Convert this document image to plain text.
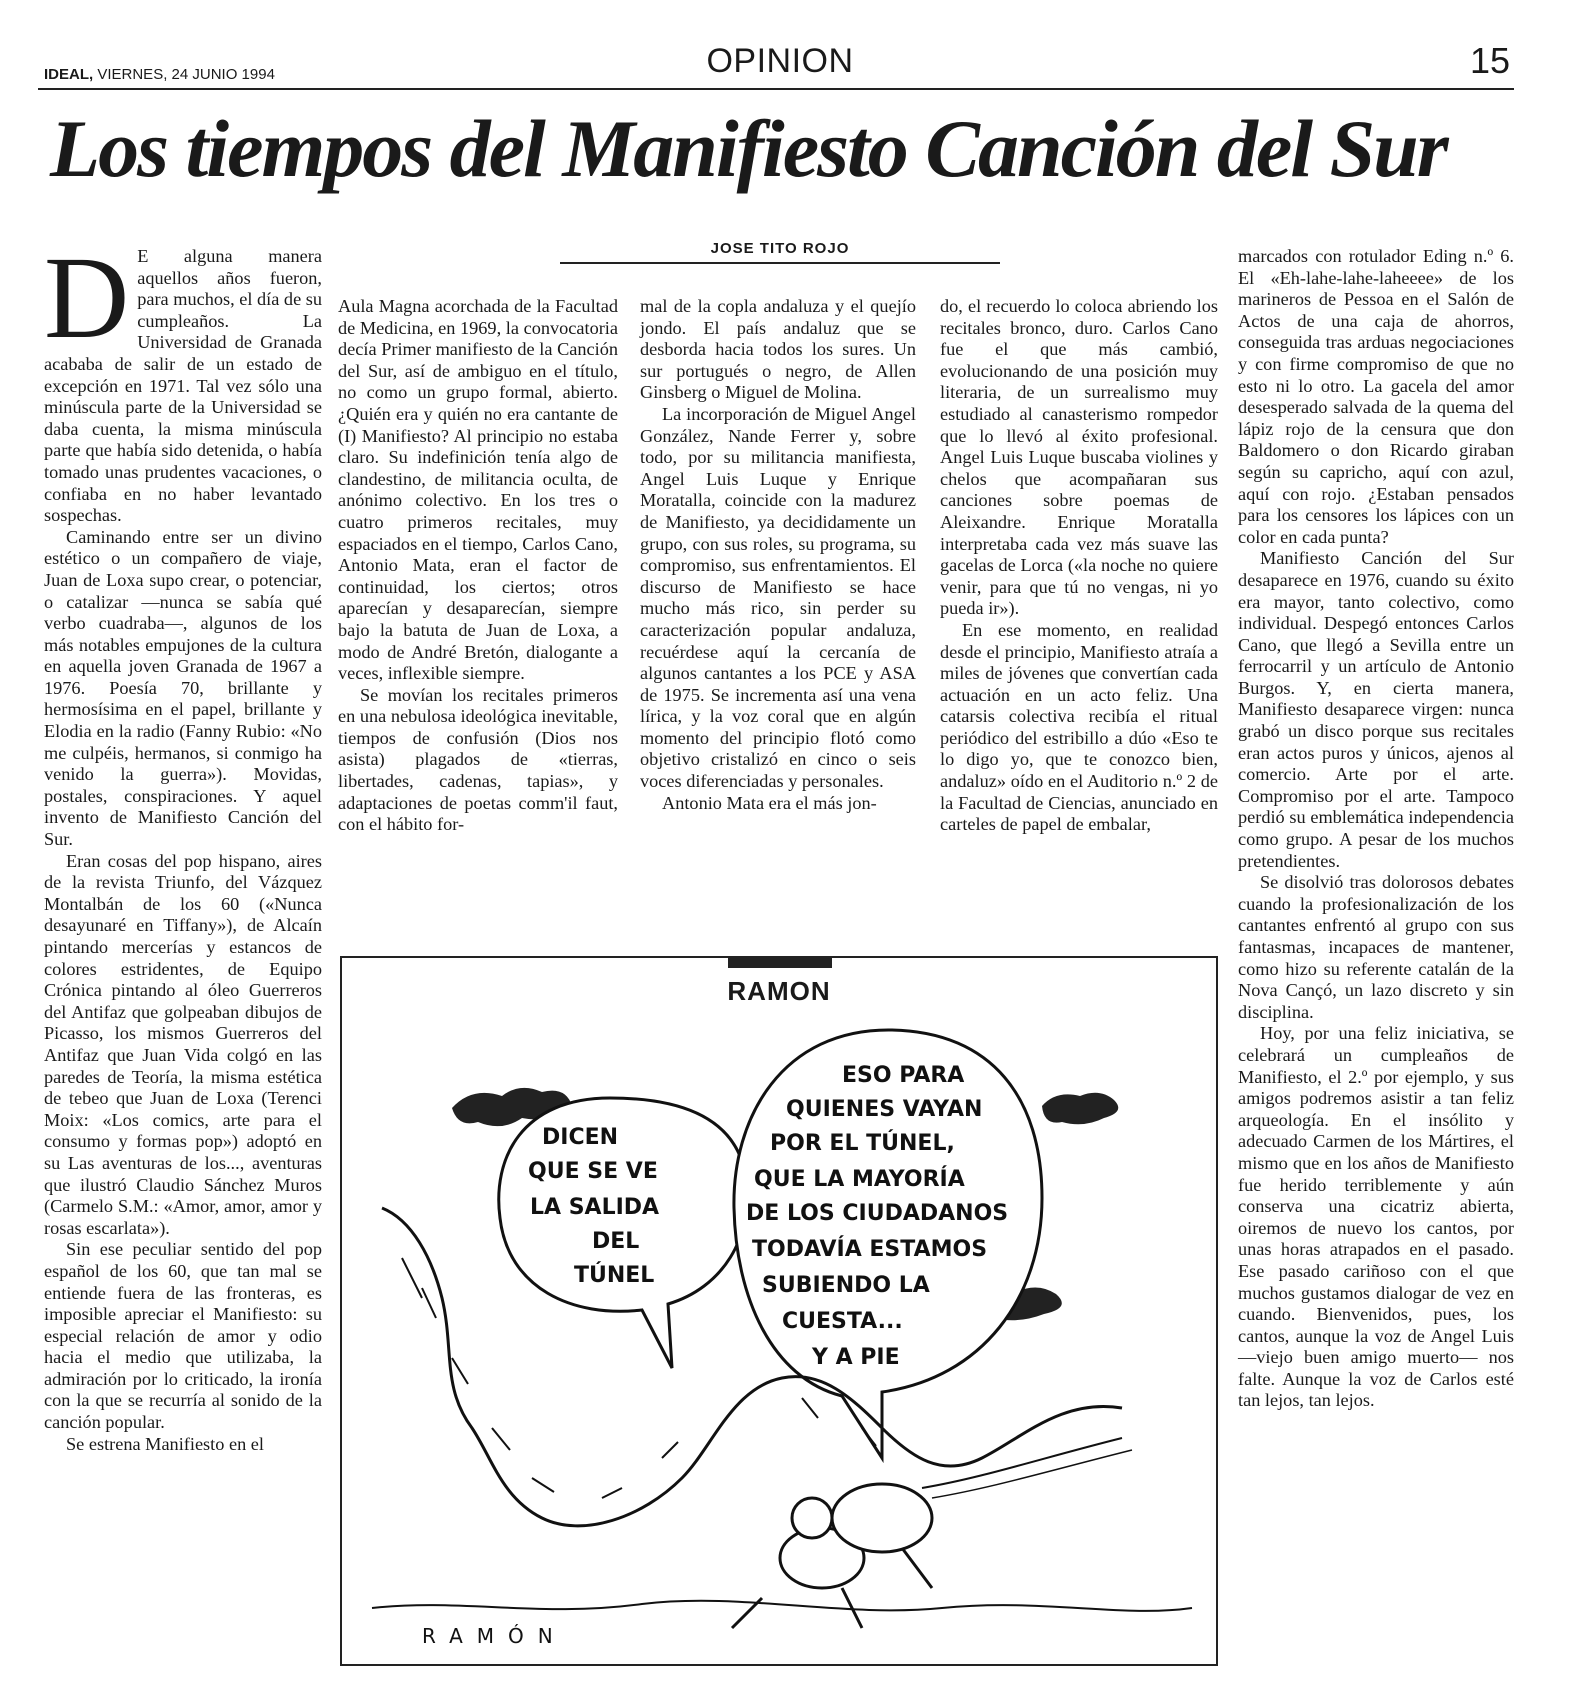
IDEAL, VIERNES, 24 JUNIO 1994	OPINION	15
Los tiempos del Manifiesto Canción del Sur
JOSE TITO ROJO

D E alguna manera aquellos años fueron, para muchos, el día de su cumpleaños. La Universidad de Granada acababa de salir de un estado de excepción en 1971. Tal vez sólo una minúscula parte de la Universidad se daba cuenta, la misma minúscula parte que había sido detenida, o había tomado unas prudentes vacaciones, o confiaba en no haber levantado sospechas.

Caminando entre ser un divino estético o un compañero de viaje, Juan de Loxa supo crear, o potenciar, o catalizar —nunca se sabía qué verbo cuadraba—, algunos de los más notables empujones de la cultura en aquella joven Granada de 1967 a 1976. Poesía 70, brillante y hermosísima en el papel, brillante y Elodia en la radio (Fanny Rubio: «No me culpéis, hermanos, si conmigo ha venido la guerra»). Movidas, postales, conspiraciones. Y aquel invento de Manifiesto Canción del Sur.

Eran cosas del pop hispano, aires de la revista Triunfo, del Vázquez Montalbán de los 60 («Nunca desayunaré en Tiffany»), de Alcaín pintando mercerías y estancos de colores estridentes, de Equipo Crónica pintando al óleo Guerreros del Antifaz que golpeaban dibujos de Picasso, los mismos Guerreros del Antifaz que Juan Vida colgó en las paredes de Teoría, la misma estética de tebeo que Juan de Loxa (Terenci Moix: «Los comics, arte para el consumo y formas pop») adoptó en su Las aventuras de los..., aventuras que ilustró Claudio Sánchez Muros (Carmelo S.M.: «Amor, amor, amor y rosas escarlata»).

Sin ese peculiar sentido del pop español de los 60, que tan mal se entiende fuera de las fronteras, es imposible apreciar el Manifiesto: su especial relación de amor y odio hacia el medio que utilizaba, la admiración por lo criticado, la ironía con la que se recurría al sonido de la canción popular.

Se estrena Manifiesto en el

Aula Magna acorchada de la Facultad de Medicina, en 1969, la convocatoria decía Primer manifiesto de la Canción del Sur, así de ambiguo en el título, no como un grupo formal, abierto. ¿Quién era y quién no era cantante de (I) Manifiesto? Al principio no estaba claro. Su indefinición tenía algo de clandestino, de militancia oculta, de anónimo colectivo. En los tres o cuatro primeros recitales, muy espaciados en el tiempo, Carlos Cano, Antonio Mata, eran el factor de continuidad, los ciertos; otros aparecían y desaparecían, siempre bajo la batuta de Juan de Loxa, a modo de André Bretón, dialogante a veces, inflexible siempre.

Se movían los recitales primeros en una nebulosa ideológica inevitable, tiempos de confusión (Dios nos asista) plagados de «tierras, libertades, cadenas, tapias», y adaptaciones de poetas comm'il faut, con el hábito for-

mal de la copla andaluza y el quejío jondo. El país andaluz que se desborda hacia todos los sures. Un sur portugués o negro, de Allen Ginsberg o Miguel de Molina.

La incorporación de Miguel Angel González, Nande Ferrer y, sobre todo, por su militancia manifiesta, Angel Luis Luque y Enrique Moratalla, coincide con la madurez de Manifiesto, ya decididamente un grupo, con sus roles, su programa, su compromiso, sus enfrentamientos. El discurso de Manifiesto se hace mucho más rico, sin perder su caracterización popular andaluza, recuérdese aquí la cercanía de algunos cantantes a los PCE y ASA de 1975. Se incrementa así una vena lírica, y la voz coral que en algún momento del principio flotó como objetivo cristalizó en cinco o seis voces diferenciadas y personales.

Antonio Mata era el más jon-

do, el recuerdo lo coloca abriendo los recitales bronco, duro. Carlos Cano fue el que más cambió, evolucionando de una posición muy literaria, de un surrealismo muy estudiado al canasterismo rompedor que lo llevó al éxito profesional. Angel Luis Luque buscaba violines y chelos que acompañaran sus canciones sobre poemas de Aleixandre. Enrique Moratalla interpretaba cada vez más suave las gacelas de Lorca («la noche no quiere venir, para que tú no vengas, ni yo pueda ir»).

En ese momento, en realidad desde el principio, Manifiesto atraía a miles de jóvenes que convertían cada actuación en un acto feliz. Una catarsis colectiva recibía el ritual periódico del estribillo a dúo «Eso te lo digo yo, que te conozco bien, andaluz» oído en el Auditorio n.º 2 de la Facultad de Ciencias, anunciado en carteles de papel de embalar,

marcados con rotulador Eding n.º 6. El «Eh-lahe-lahe-laheeee» de los marineros de Pessoa en el Salón de Actos de una caja de ahorros, conseguida tras arduas negociaciones y con firme compromiso de que no esto ni lo otro. La gacela del amor desesperado salvada de la quema del lápiz rojo de la censura que don Baldomero o don Ricardo giraban según su capricho, aquí con azul, aquí con rojo. ¿Estaban pensados para los censores los lápices con un color en cada punta?

Manifiesto Canción del Sur desaparece en 1976, cuando su éxito era mayor, tanto colectivo, como individual. Despegó entonces Carlos Cano, que llegó a Sevilla entre un ferrocarril y un artículo de Antonio Burgos. Y, en cierta manera, Manifiesto desaparece virgen: nunca grabó un disco porque sus recitales eran actos puros y únicos, ajenos al comercio. Arte por el arte. Compromiso por el arte. Tampoco perdió su emblemática independencia como grupo. A pesar de los muchos pretendientes.

Se disolvió tras dolorosos debates cuando la profesionalización de los cantantes enfrentó al grupo con sus fantasmas, incapaces de mantener, como hizo su referente catalán de la Nova Cançó, un lazo discreto y sin disciplina.

Hoy, por una feliz iniciativa, se celebrará un cumpleaños de Manifiesto, el 2.º por ejemplo, y sus amigos podremos asistir a tan feliz arqueología. En el insólito y adecuado Carmen de los Mártires, el mismo que en los años de Manifiesto fue herido terriblemente y aún conserva una cicatriz abierta, oiremos de nuevo los cantos, por unas horas atrapados en el pasado. Ese pasado cariñoso con el que muchos gustamos dialogar de vez en cuando. Bienvenidos, pues, los cantos, aunque la voz de Angel Luis —viejo buen amigo muerto— nos falte. Aunque la voz de Carlos esté tan lejos, tan lejos.

RAMON
DICEN
QUE SE VE
LA SALIDA
DEL
TÚNEL
ESO PARA
QUIENES VAYAN
POR EL TÚNEL,
QUE LA MAYORÍA
DE LOS CIUDADANOS
TODAVÍA ESTAMOS
SUBIENDO LA
CUESTA...
Y A PIE
RAMÓN
